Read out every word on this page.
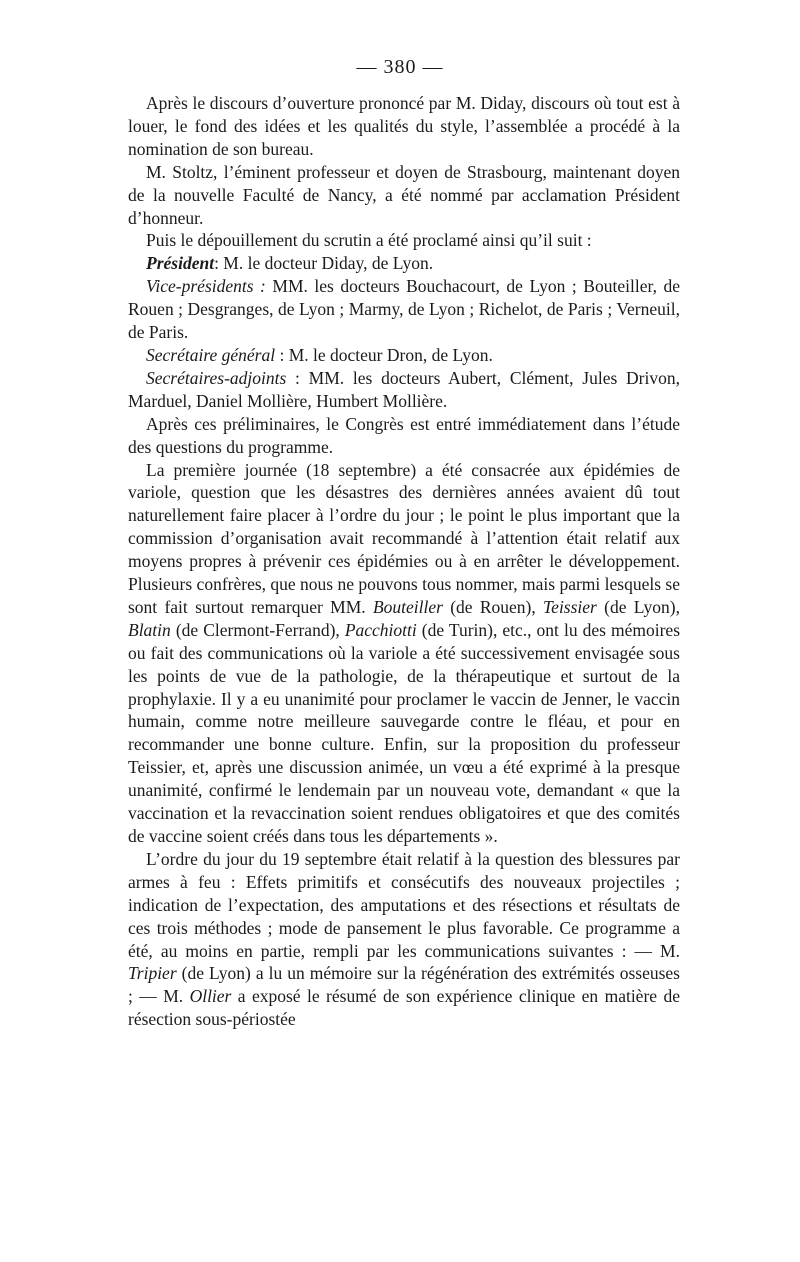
— 380 —

Après le discours d’ouverture prononcé par M. Diday, discours où tout est à louer, le fond des idées et les qualités du style, l’assemblée a procédé à la nomination de son bureau.

M. Stoltz, l’éminent professeur et doyen de Strasbourg, maintenant doyen de la nouvelle Faculté de Nancy, a été nommé par acclamation Président d’honneur.

Puis le dépouillement du scrutin a été proclamé ainsi qu’il suit :

Président: M. le docteur Diday, de Lyon.

Vice-présidents : MM. les docteurs Bouchacourt, de Lyon ; Bouteiller, de Rouen ; Desgranges, de Lyon ; Marmy, de Lyon ; Richelot, de Paris ; Verneuil, de Paris.

Secrétaire général : M. le docteur Dron, de Lyon.

Secrétaires-adjoints : MM. les docteurs Aubert, Clément, Jules Drivon, Marduel, Daniel Mollière, Humbert Mollière.

Après ces préliminaires, le Congrès est entré immédiatement dans l’étude des questions du programme.

La première journée (18 septembre) a été consacrée aux épidémies de variole, question que les désastres des dernières années avaient dû tout naturellement faire placer à l’ordre du jour ; le point le plus important que la commission d’organisation avait recommandé à l’attention était relatif aux moyens propres à prévenir ces épidémies ou à en arrêter le développement. Plusieurs confrères, que nous ne pouvons tous nommer, mais parmi lesquels se sont fait surtout remarquer MM. Bouteiller (de Rouen), Teissier (de Lyon), Blatin (de Clermont-Ferrand), Pacchiotti (de Turin), etc., ont lu des mémoires ou fait des communications où la variole a été successivement envisagée sous les points de vue de la pathologie, de la thérapeutique et surtout de la prophylaxie. Il y a eu unanimité pour proclamer le vaccin de Jenner, le vaccin humain, comme notre meilleure sauvegarde contre le fléau, et pour en recommander une bonne culture. Enfin, sur la proposition du professeur Teissier, et, après une discussion animée, un vœu a été exprimé à la presque unanimité, confirmé le lendemain par un nouveau vote, demandant « que la vaccination et la revaccination soient rendues obligatoires et que des comités de vaccine soient créés dans tous les départements ».

L’ordre du jour du 19 septembre était relatif à la question des blessures par armes à feu : Effets primitifs et consécutifs des nouveaux projectiles ; indication de l’expectation, des amputations et des résections et résultats de ces trois méthodes ; mode de pansement le plus favorable. Ce programme a été, au moins en partie, rempli par les communications suivantes : — M. Tripier (de Lyon) a lu un mémoire sur la régénération des extrémités osseuses ; — M. Ollier a exposé le résumé de son expérience clinique en matière de résection sous-périostée
